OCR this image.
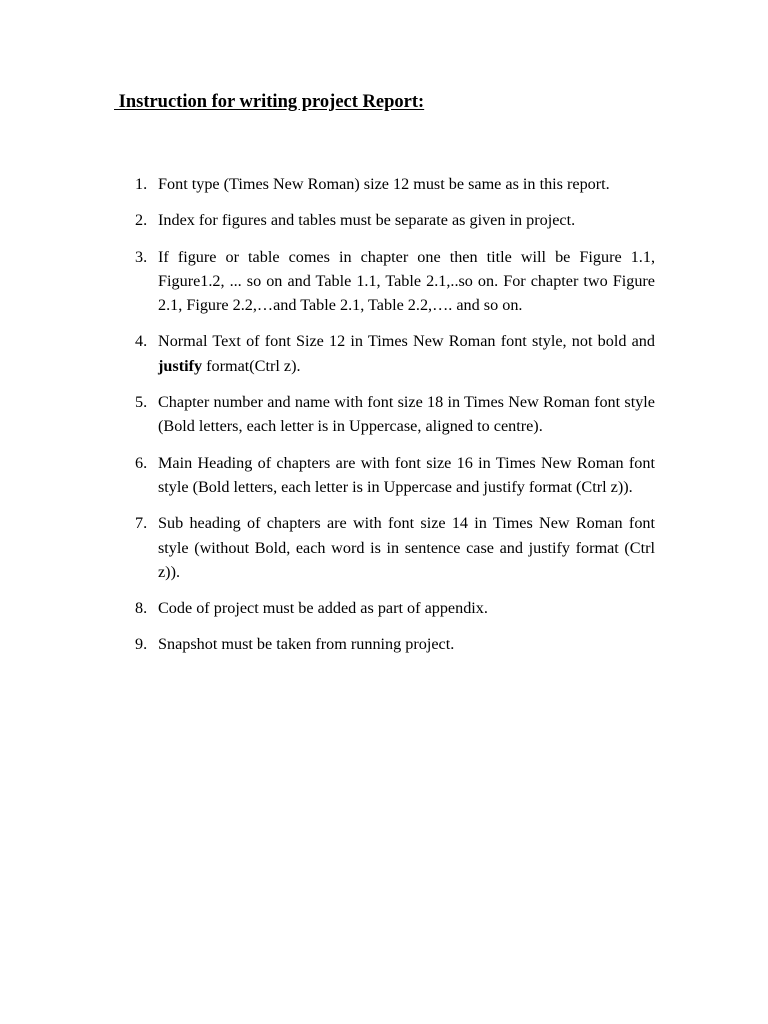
Instruction for writing project Report:
1. Font type (Times New Roman) size 12 must be same as in this report.
2. Index for figures and tables must be separate as given in project.
3. If figure or table comes in chapter one then title will be Figure 1.1, Figure1.2, ... so on and Table 1.1, Table 2.1,..so on. For chapter two Figure 2.1, Figure 2.2,…and Table 2.1, Table 2.2,…. and so on.
4. Normal Text of font Size 12 in Times New Roman font style, not bold and justify format(Ctrl z).
5. Chapter number and name with font size 18 in Times New Roman font style (Bold letters, each letter is in Uppercase, aligned to centre).
6. Main Heading of chapters are with font size 16 in Times New Roman font style (Bold letters, each letter is in Uppercase and justify format (Ctrl z)).
7. Sub heading of chapters are with font size 14 in Times New Roman font style (without Bold, each word is in sentence case and justify format (Ctrl z)).
8. Code of project must be added as part of appendix.
9. Snapshot must be taken from running project.
